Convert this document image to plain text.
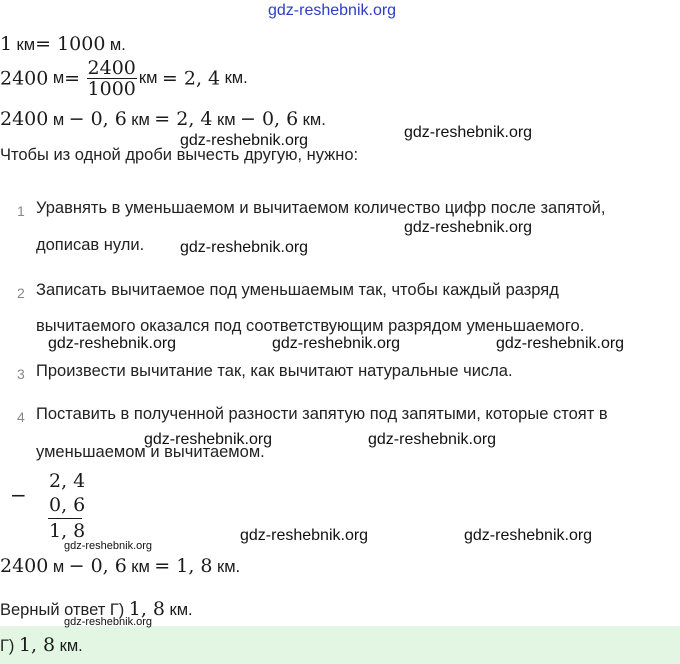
gdz-reshebnik.org
1 км= 1000 м.
2400 $м= \frac{2400}{1000}$ км = 2, 4 км.
2400 м − 0, 6 км = 2, 4 км − 0, 6 км.
gdz-reshebnik.org	gdz-reshebnik.org
Чтобы из одной дроби вычесть другую, нужно:
1 Уравнять в уменьшаемом и вычитаемом количество цифр после запятой,
дописав нули.
gdz-reshebnik.org
gdz-reshebnik.org
2 Записать вычитаемое под уменьшаемым так, чтобы каждый разряд
вычитаемого оказался под соответствующим разрядом уменьшаемого.
gdz-reshebnik.org	gdz-reshebnik.org	gdz-reshebnik.org
3 Произвести вычитание так, как вычитают натуральные числа.
4 Поставить в полученной разности запятую под запятыми, которые стоят в
уменьшаемом и вычитаемом.
gdz-reshebnik.org	gdz-reshebnik.org
−
2, 4
0, 6
1, 8
gdz-reshebnik.org
gdz-reshebnik.org	gdz-reshebnik.org
2400 м − 0, 6 км = 1, 8 км.
Верный ответ Г) 1, 8 км.
gdz-reshebnik.org
Г) 1, 8 км.
